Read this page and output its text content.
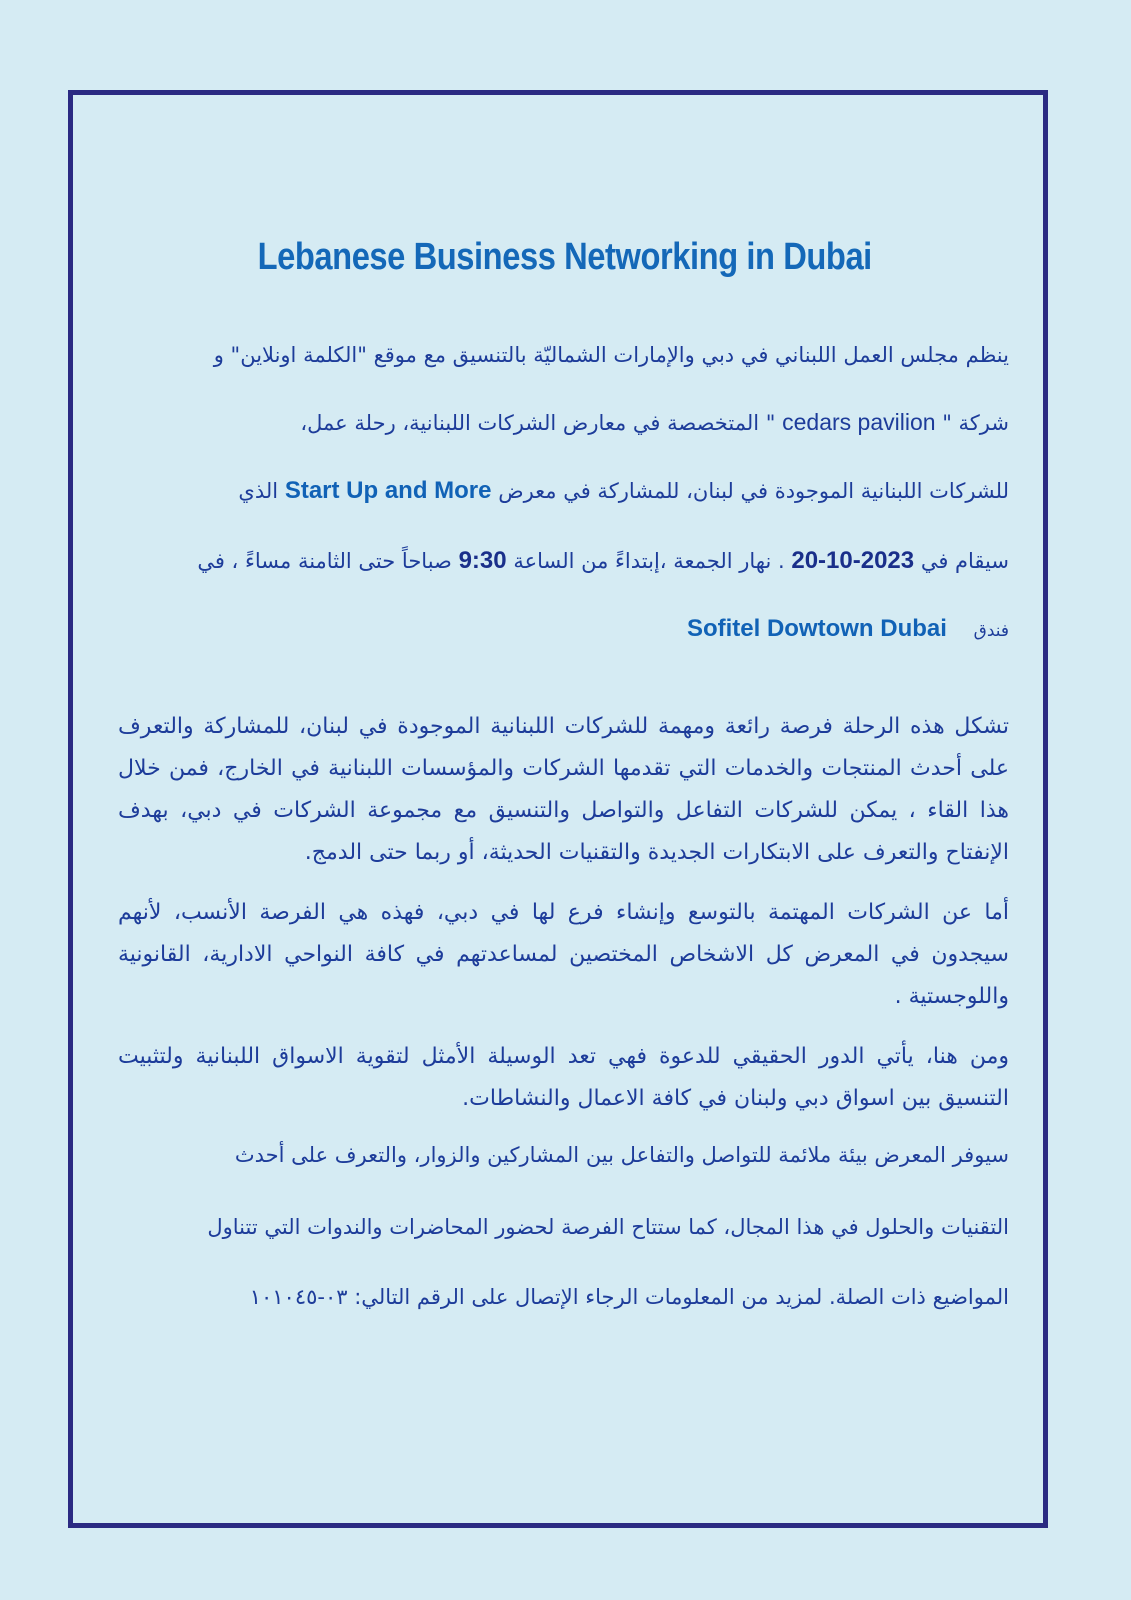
Lebanese Business Networking in Dubai
ينظم مجلس العمل اللبناني في دبي والإمارات الشماليّة بالتنسيق مع موقع "الكلمة اونلاين" و
شركة " cedars pavilion " المتخصصة في معارض الشركات اللبنانية، رحلة عمل،
للشركات اللبنانية الموجودة في لبنان، للمشاركة في معرض Start Up and More الذي
سيقام في 20-10-2023 . نهار الجمعة ،إبتداءً من الساعة 9:30 صباحاً حتى الثامنة مساءً ، في
فندق    Sofitel Dowtown Dubai
تشكل هذه الرحلة فرصة رائعة ومهمة للشركات اللبنانية الموجودة في لبنان، للمشاركة والتعرف على أحدث المنتجات والخدمات التي تقدمها الشركات والمؤسسات اللبنانية في الخارج، فمن خلال هذا القاء ، يمكن للشركات التفاعل والتواصل والتنسيق مع مجموعة الشركات في دبي، بهدف الإنفتاح والتعرف على الابتكارات الجديدة والتقنيات الحديثة، أو ربما حتى الدمج.
أما عن الشركات المهتمة بالتوسع وإنشاء فرع لها في دبي، فهذه هي الفرصة الأنسب، لأنهم سيجدون في المعرض كل الاشخاص المختصين لمساعدتهم في كافة النواحي الادارية، القانونية واللوجستية .
ومن هنا، يأتي الدور الحقيقي للدعوة فهي تعد الوسيلة الأمثل لتقوية الاسواق اللبنانية ولتثبيت التنسيق بين اسواق دبي ولبنان في كافة الاعمال والنشاطات.
سيوفر المعرض بيئة ملائمة للتواصل والتفاعل بين المشاركين والزوار، والتعرف على أحدث
التقنيات والحلول في هذا المجال، كما ستتاح الفرصة لحضور المحاضرات والندوات التي تتناول
المواضيع ذات الصلة. لمزيد من المعلومات الرجاء الإتصال على الرقم التالي: ٠٣-١٠١٠٤٥
